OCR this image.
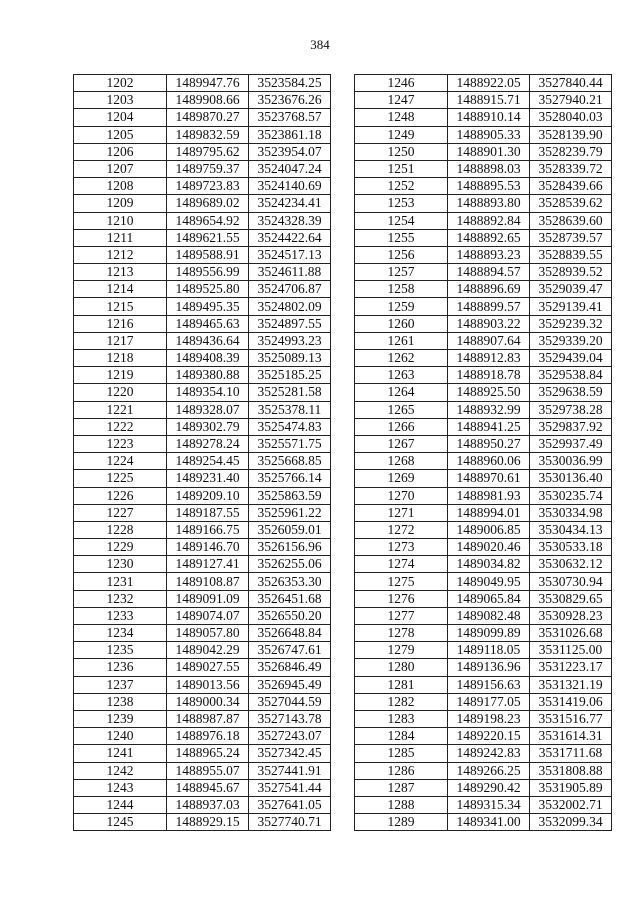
384
1202	1489947.76	3523584.25
1203	1489908.66	3523676.26
1204	1489870.27	3523768.57
1205	1489832.59	3523861.18
1206	1489795.62	3523954.07
1207	1489759.37	3524047.24
1208	1489723.83	3524140.69
1209	1489689.02	3524234.41
1210	1489654.92	3524328.39
1211	1489621.55	3524422.64
1212	1489588.91	3524517.13
1213	1489556.99	3524611.88
1214	1489525.80	3524706.87
1215	1489495.35	3524802.09
1216	1489465.63	3524897.55
1217	1489436.64	3524993.23
1218	1489408.39	3525089.13
1219	1489380.88	3525185.25
1220	1489354.10	3525281.58
1221	1489328.07	3525378.11
1222	1489302.79	3525474.83
1223	1489278.24	3525571.75
1224	1489254.45	3525668.85
1225	1489231.40	3525766.14
1226	1489209.10	3525863.59
1227	1489187.55	3525961.22
1228	1489166.75	3526059.01
1229	1489146.70	3526156.96
1230	1489127.41	3526255.06
1231	1489108.87	3526353.30
1232	1489091.09	3526451.68
1233	1489074.07	3526550.20
1234	1489057.80	3526648.84
1235	1489042.29	3526747.61
1236	1489027.55	3526846.49
1237	1489013.56	3526945.49
1238	1489000.34	3527044.59
1239	1488987.87	3527143.78
1240	1488976.18	3527243.07
1241	1488965.24	3527342.45
1242	1488955.07	3527441.91
1243	1488945.67	3527541.44
1244	1488937.03	3527641.05
1245	1488929.15	3527740.71
1246	1488922.05	3527840.44
1247	1488915.71	3527940.21
1248	1488910.14	3528040.03
1249	1488905.33	3528139.90
1250	1488901.30	3528239.79
1251	1488898.03	3528339.72
1252	1488895.53	3528439.66
1253	1488893.80	3528539.62
1254	1488892.84	3528639.60
1255	1488892.65	3528739.57
1256	1488893.23	3528839.55
1257	1488894.57	3528939.52
1258	1488896.69	3529039.47
1259	1488899.57	3529139.41
1260	1488903.22	3529239.32
1261	1488907.64	3529339.20
1262	1488912.83	3529439.04
1263	1488918.78	3529538.84
1264	1488925.50	3529638.59
1265	1488932.99	3529738.28
1266	1488941.25	3529837.92
1267	1488950.27	3529937.49
1268	1488960.06	3530036.99
1269	1488970.61	3530136.40
1270	1488981.93	3530235.74
1271	1488994.01	3530334.98
1272	1489006.85	3530434.13
1273	1489020.46	3530533.18
1274	1489034.82	3530632.12
1275	1489049.95	3530730.94
1276	1489065.84	3530829.65
1277	1489082.48	3530928.23
1278	1489099.89	3531026.68
1279	1489118.05	3531125.00
1280	1489136.96	3531223.17
1281	1489156.63	3531321.19
1282	1489177.05	3531419.06
1283	1489198.23	3531516.77
1284	1489220.15	3531614.31
1285	1489242.83	3531711.68
1286	1489266.25	3531808.88
1287	1489290.42	3531905.89
1288	1489315.34	3532002.71
1289	1489341.00	3532099.34
